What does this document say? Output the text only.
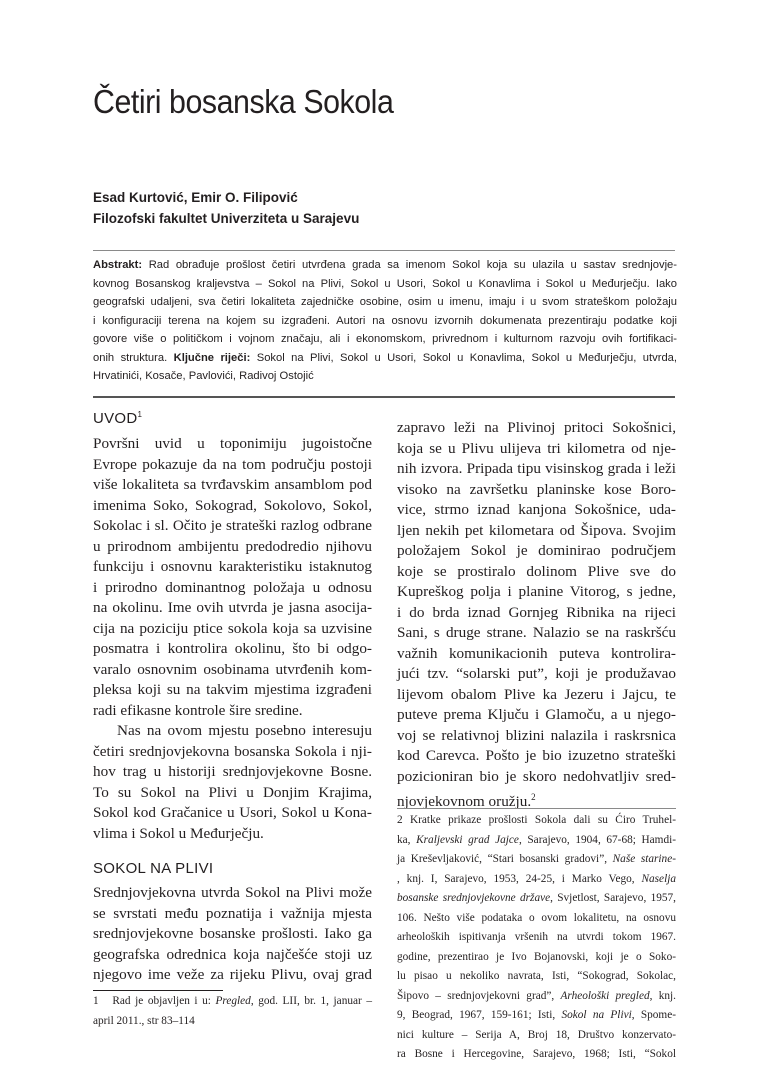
Četiri bosanska Sokola
Esad Kurtović, Emir O. Filipović
Filozofski fakultet Univerziteta u Sarajevu
Abstrakt: Rad obrađuje prošlost četiri utvrđena grada sa imenom Sokol koja su ulazila u sastav srednjovje-
kovnog Bosanskog kraljevstva – Sokol na Plivi, Sokol u Usori, Sokol u Konavlima i Sokol u Međurječju. Iako
geografski udaljeni, sva četiri lokaliteta zajedničke osobine, osim u imenu, imaju i u svom strateškom položaju
i konfiguraciji terena na kojem su izgrađeni. Autori na osnovu izvornih dokumenata prezentiraju podatke koji
govore više o političkom i vojnom značaju, ali i ekonomskom, privrednom i kulturnom razvoju ovih fortifikaci-
onih struktura. Ključne riječi: Sokol na Plivi, Sokol u Usori, Sokol u Konavlima, Sokol u Međurječju, utvrda,
Hrvatinići, Kosače, Pavlovići, Radivoj Ostojić
UVOD$^1$
Površni uvid u toponimiju jugoistočne
Evrope pokazuje da na tom području postoji
više lokaliteta sa tvrđavskim ansamblom pod
imenima Soko, Sokograd, Sokolovo, Sokol,
Sokolac i sl. Očito je strateški razlog odbrane
u prirodnom ambijentu predodredio njihovu
funkciju i osnovnu karakteristiku istaknutog
i prirodno dominantnog položaja u odnosu
na okolinu. Ime ovih utvrda je jasna asocija-
cija na poziciju ptice sokola koja sa uzvisine
posmatra i kontrolira okolinu, što bi odgo-
varalo osnovnim osobinama utvrđenih kom-
pleksa koji su na takvim mjestima izgrađeni
radi efikasne kontrole šire sredine.
Nas na ovom mjestu posebno interesuju
četiri srednjovjekovna bosanska Sokola i nji-
hov trag u historiji srednjovjekovne Bosne.
To su Sokol na Plivi u Donjim Krajima,
Sokol kod Gračanice u Usori, Sokol u Kona-
vlima i Sokol u Međurječju.
SOKOL NA PLIVI
Srednjovjekovna utvrda Sokol na Plivi može
se svrstati među poznatija i važnija mjesta
srednjovjekovne bosanske prošlosti. Iako ga
geografska odrednica koja najčešće stoji uz
njegovo ime veže za rijeku Plivu, ovaj grad
1 Rad je objavljen i u: Pregled, god. LII, br. 1, januar –
april 2011., str 83–114
zapravo leži na Plivinoj pritoci Sokošnici,
koja se u Plivu ulijeva tri kilometra od nje-
nih izvora. Pripada tipu visinskog grada i leži
visoko na završetku planinske kose Boro-
vice, strmo iznad kanjona Sokošnice, uda-
ljen nekih pet kilometara od Šipova. Svojim
položajem Sokol je dominirao područjem
koje se prostiralo dolinom Plive sve do
Kupreškog polja i planine Vitorog, s jedne,
i do brda iznad Gornjeg Ribnika na rijeci
Sani, s druge strane. Nalazio se na raskršću
važnih komunikacionih puteva kontrolira-
jući tzv. “solarski put”, koji je produžavao
lijevom obalom Plive ka Jezeru i Jajcu, te
puteve prema Ključu i Glamoču, a u njego-
voj se relativnoj blizini nalazila i raskrsnica
kod Carevca. Pošto je bio izuzetno strateški
pozicioniran bio je skoro nedohvatljiv sred-
njovjekovnom oružju.$^2$
2 Kratke prikaze prošlosti Sokola dali su Ćiro Truhel-
ka, Kraljevski grad Jajce, Sarajevo, 1904, 67-68; Hamdi-
ja Kreševljaković, “Stari bosanski gradovi”, Naše starine-
, knj. I, Sarajevo, 1953, 24-25, i Marko Vego, Naselja
bosanske srednjovjekovne države, Svjetlost, Sarajevo, 1957,
106. Nešto više podataka o ovom lokalitetu, na osnovu
arheoloških ispitivanja vršenih na utvrdi tokom 1967.
godine, prezentirao je Ivo Bojanovski, koji je o Soko-
lu pisao u nekoliko navrata, Isti, “Sokograd, Sokolac,
Šipovo – srednjovjekovni grad”, Arheološki pregled, knj.
9, Beograd, 1967, 159-161; Isti, Sokol na Plivi, Spome-
nici kulture – Serija A, Broj 18, Društvo konzervato-
ra Bosne i Hercegovine, Sarajevo, 1968; Isti, “Sokol
